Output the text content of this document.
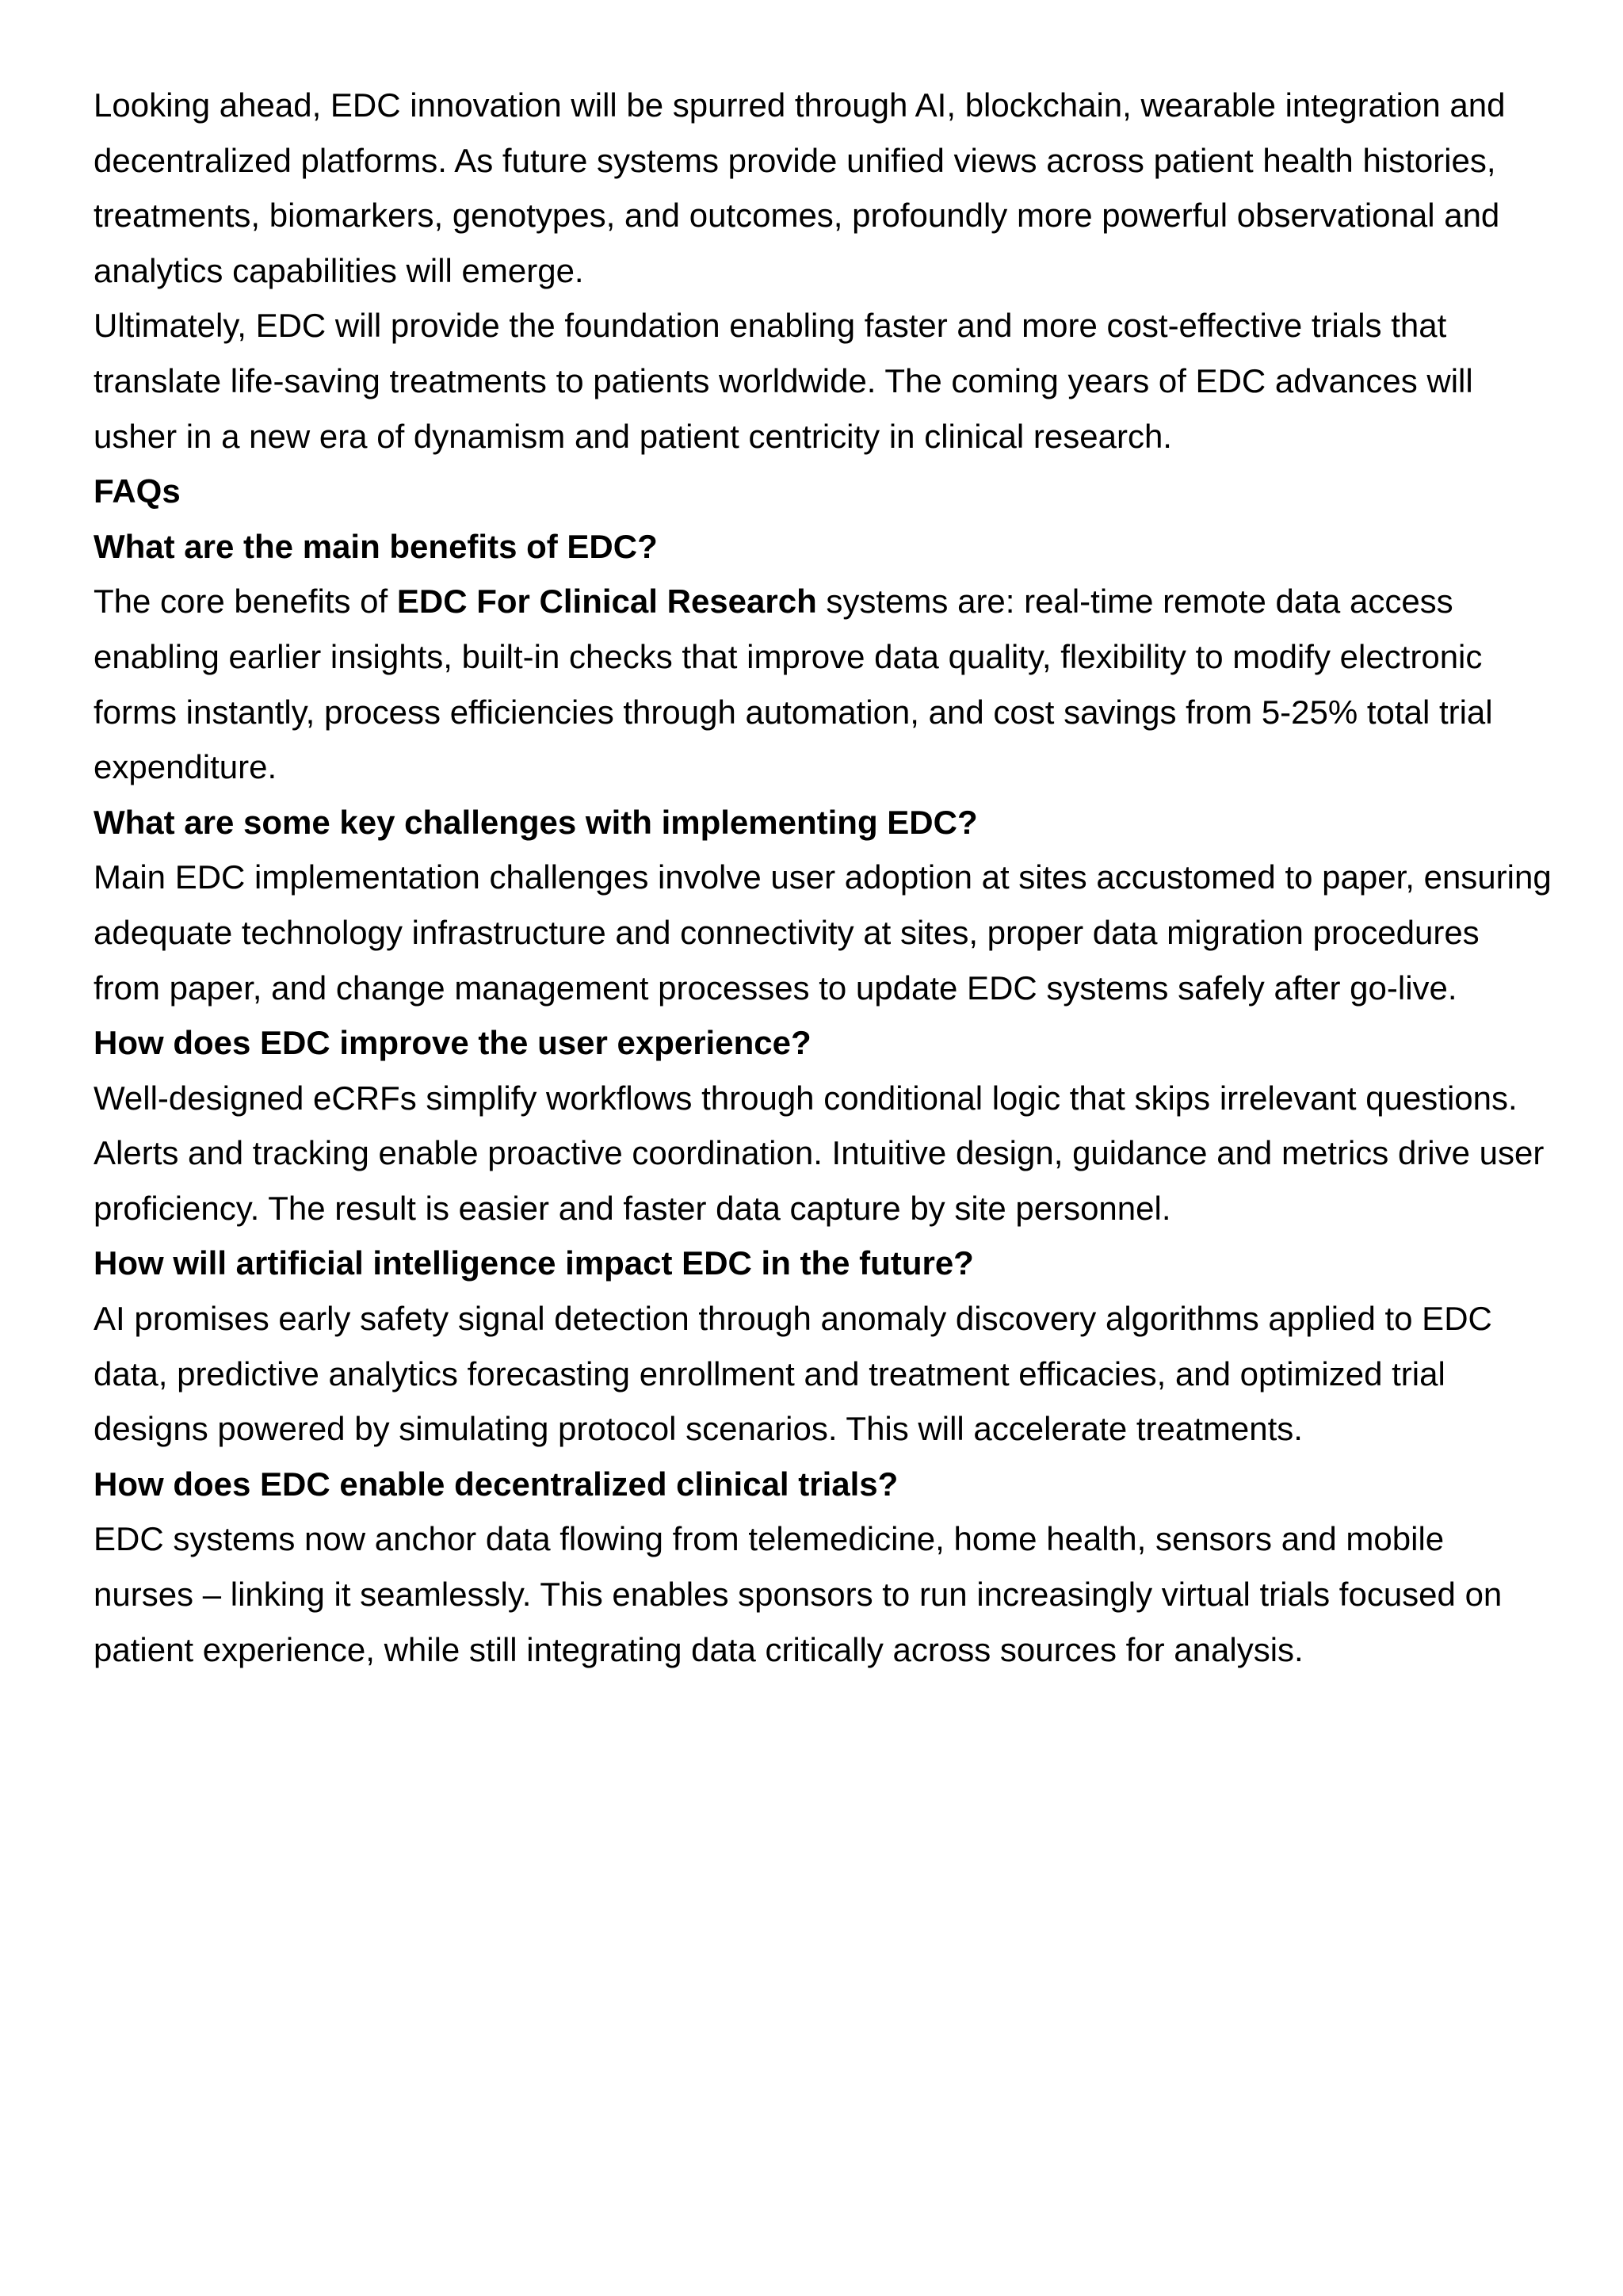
Looking ahead, EDC innovation will be spurred through AI, blockchain, wearable integration and decentralized platforms. As future systems provide unified views across patient health histories, treatments, biomarkers, genotypes, and outcomes, profoundly more powerful observational and analytics capabilities will emerge.

Ultimately, EDC will provide the foundation enabling faster and more cost-effective trials that translate life-saving treatments to patients worldwide. The coming years of EDC advances will usher in a new era of dynamism and patient centricity in clinical research.

FAQs
What are the main benefits of EDC?

The core benefits of EDC For Clinical Research systems are: real-time remote data access enabling earlier insights, built-in checks that improve data quality, flexibility to modify electronic forms instantly, process efficiencies through automation, and cost savings from 5-25% total trial expenditure.

What are some key challenges with implementing EDC?

Main EDC implementation challenges involve user adoption at sites accustomed to paper, ensuring adequate technology infrastructure and connectivity at sites, proper data migration procedures from paper, and change management processes to update EDC systems safely after go-live.

How does EDC improve the user experience?

Well-designed eCRFs simplify workflows through conditional logic that skips irrelevant questions. Alerts and tracking enable proactive coordination. Intuitive design, guidance and metrics drive user proficiency. The result is easier and faster data capture by site personnel.

How will artificial intelligence impact EDC in the future?

AI promises early safety signal detection through anomaly discovery algorithms applied to EDC data, predictive analytics forecasting enrollment and treatment efficacies, and optimized trial designs powered by simulating protocol scenarios. This will accelerate treatments.

How does EDC enable decentralized clinical trials?

EDC systems now anchor data flowing from telemedicine, home health, sensors and mobile nurses – linking it seamlessly. This enables sponsors to run increasingly virtual trials focused on patient experience, while still integrating data critically across sources for analysis.
